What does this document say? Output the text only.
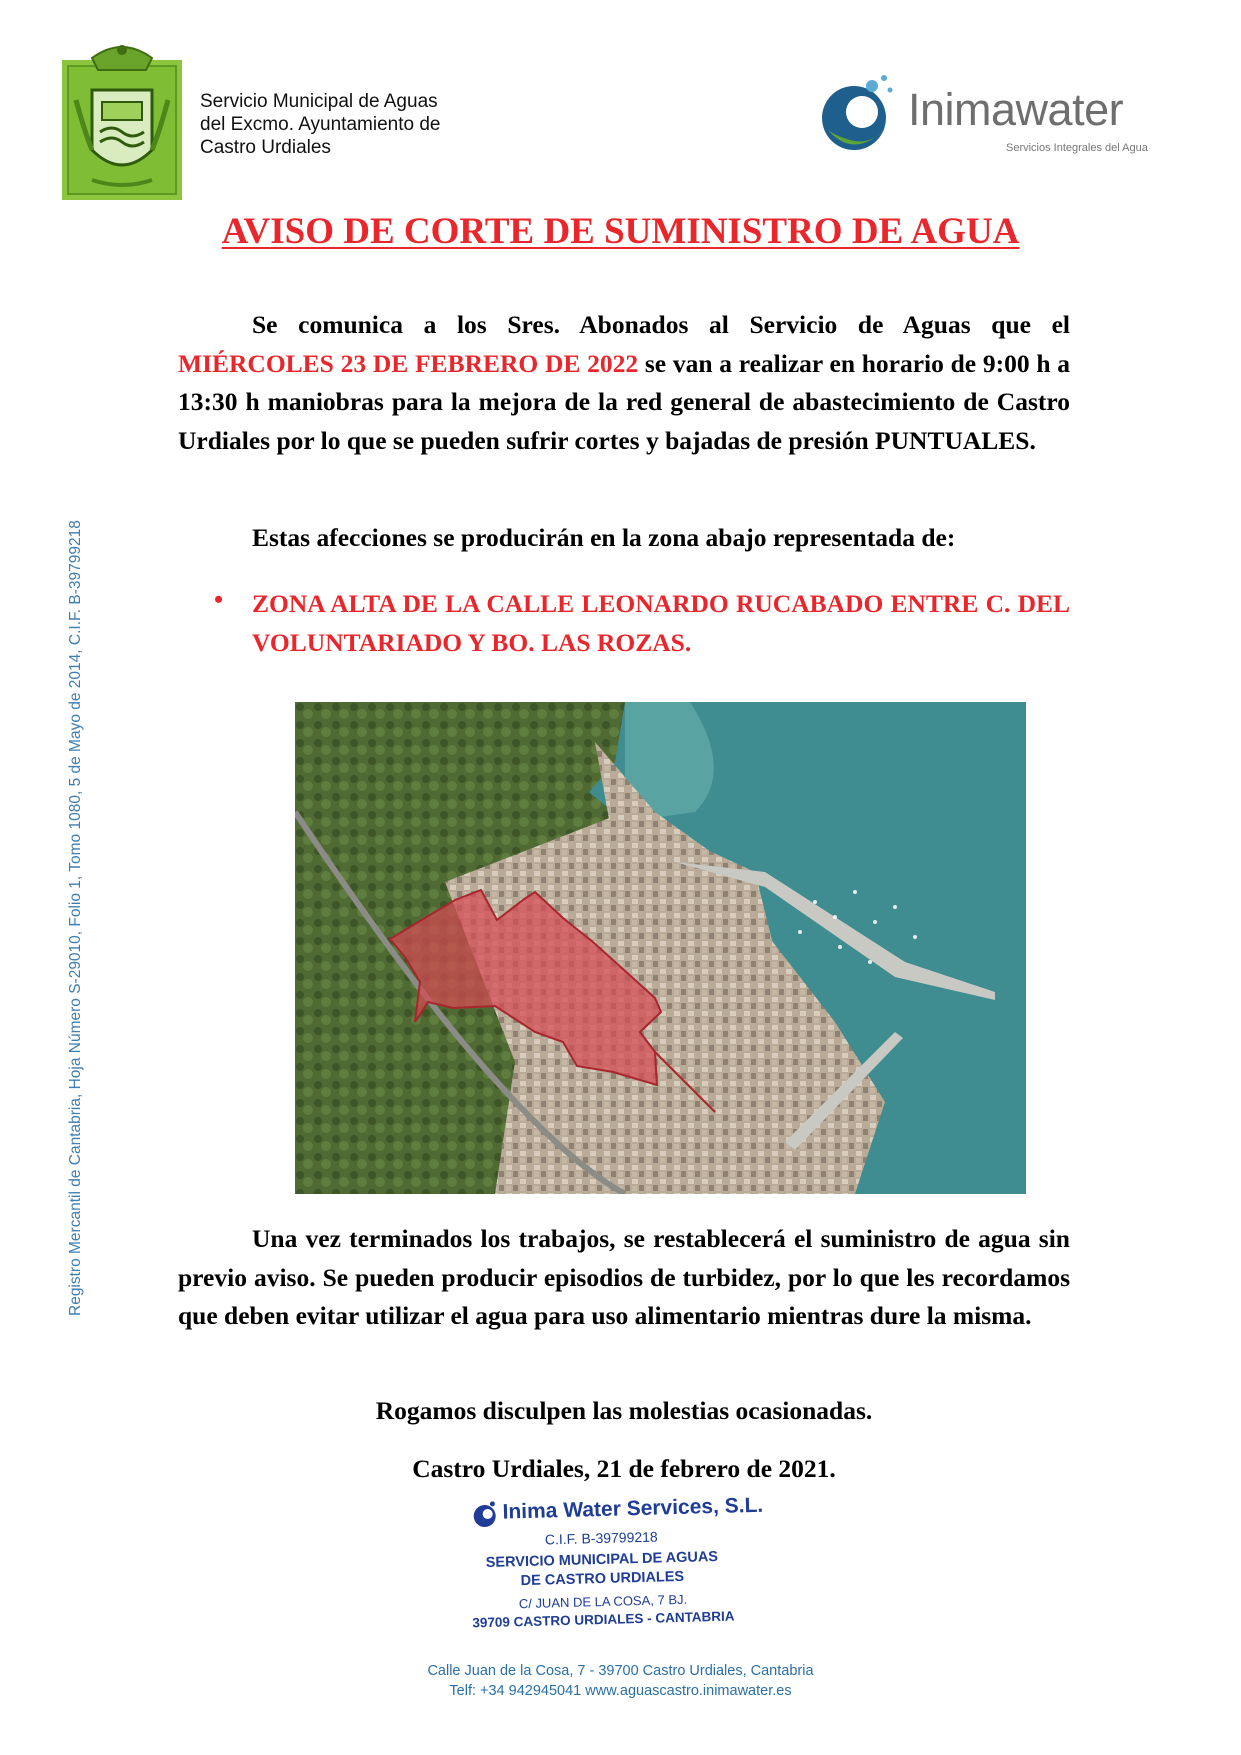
Servicio Municipal de Aguas
del Excmo. Ayuntamiento de
Castro Urdiales
Inimawater
Servicios Integrales del Agua
AVISO DE CORTE DE SUMINISTRO DE AGUA
Se comunica a los Sres. Abonados al Servicio de Aguas que el MIÉRCOLES 23 DE FEBRERO DE 2022 se van a realizar en horario de 9:00 h a 13:30 h maniobras para la mejora de la red general de abastecimiento de Castro Urdiales por lo que se pueden sufrir cortes y bajadas de presión PUNTUALES.
Estas afecciones se producirán en la zona abajo representada de:
•	ZONA ALTA DE LA CALLE LEONARDO RUCABADO ENTRE C. DEL VOLUNTARIADO Y BO. LAS ROZAS.
Una vez terminados los trabajos, se restablecerá el suministro de agua sin previo aviso. Se pueden producir episodios de turbidez, por lo que les recordamos que deben evitar utilizar el agua para uso alimentario mientras dure la misma.
Rogamos disculpen las molestias ocasionadas.
Castro Urdiales, 21 de febrero de 2021.
Inima Water Services, S.L.
C.I.F. B-39799218
SERVICIO MUNICIPAL DE AGUAS
DE CASTRO URDIALES
C/ JUAN DE LA COSA, 7 BJ.
39709 CASTRO URDIALES - CANTABRIA
Registro Mercantil de Cantabria, Hoja Número S-29010, Folio 1, Tomo 1080, 5 de Mayo de 2014, C.I.F. B-39799218
Calle Juan de la Cosa, 7 - 39700 Castro Urdiales, Cantabria
Telf: +34 942945041 www.aguascastro.inimawater.es
